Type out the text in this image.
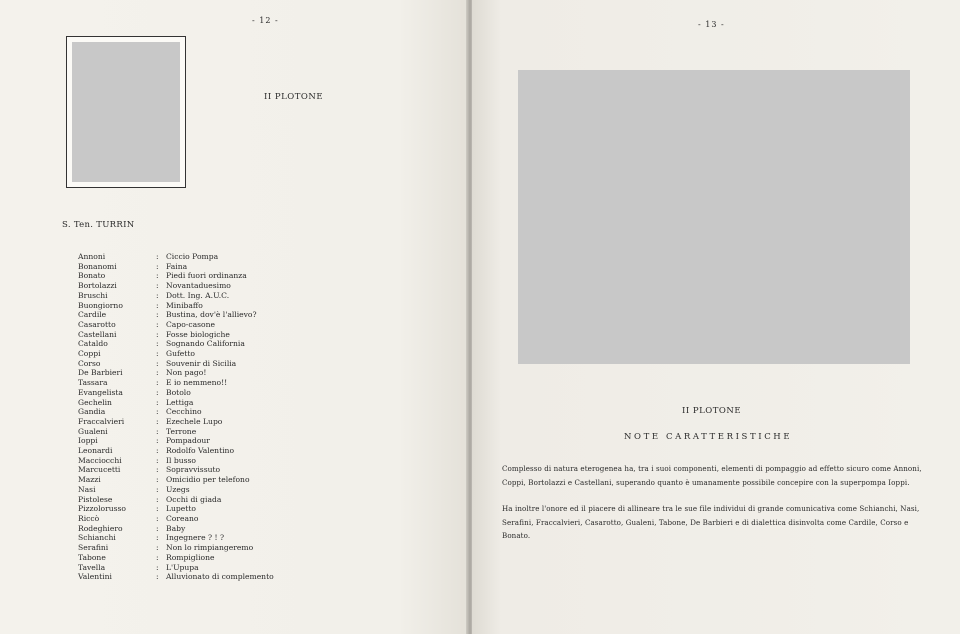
- 12 -
II PLOTONE
S. Ten. TURRIN
Annoni	: Ciccio Pompa
Bonanomi	: Faina
Bonato	: Piedi fuori ordinanza
Bortolazzi	: Novantaduesimo
Bruschi	: Dott. Ing. A.U.C.
Buongiorno	: Minibaffo
Cardile	: Bustina, dov'è l'allievo?
Casarotto	: Capo-casone
Castellani	: Fosse biologiche
Cataldo	: Sognando California
Coppi	: Gufetto
Corso	: Souvenir di Sicilia
De Barbieri	: Non pago!
Tassara	: E io nemmeno!!
Evangelista	: Botolo
Gechelin	: Lettiga
Gandia	: Cecchino
Fraccalvieri	: Ezechele Lupo
Gualeni	: Terrone
Ioppi	: Pompadour
Leonardi	: Rodolfo Valentino
Macciocchi	: Il busso
Marcucetti	: Sopravvissuto
Mazzi	: Omicidio per telefono
Nasi	: Uzegs
Pistolese	: Occhi di giada
Pizzolorusso	: Lupetto
Riccò	: Coreano
Rodeghiero	: Baby
Schianchi	: Ingegnere ? ! ?
Serafini	: Non lo rimpiangeremo
Tabone	: Rompiglione
Tavella	: L'Upupa
Valentini	: Alluvionato di complemento
- 13 -
II PLOTONE
NOTE CARATTERISTICHE
Complesso di natura eterogenea ha, tra i suoi componenti, elementi di pompaggio ad effetto sicuro come Annoni, Coppi, Bortolazzi e Castellani, superando quanto è umanamente possibile concepire con la superpompa Ioppi.
Ha inoltre l'onore ed il piacere di allineare tra le sue file individui di grande comunicativa come Schianchi, Nasi, Serafini, Fraccalvieri, Casarotto, Gualeni, Tabone, De Barbieri e di dialettica disinvolta come Cardile, Corso e Bonato.
